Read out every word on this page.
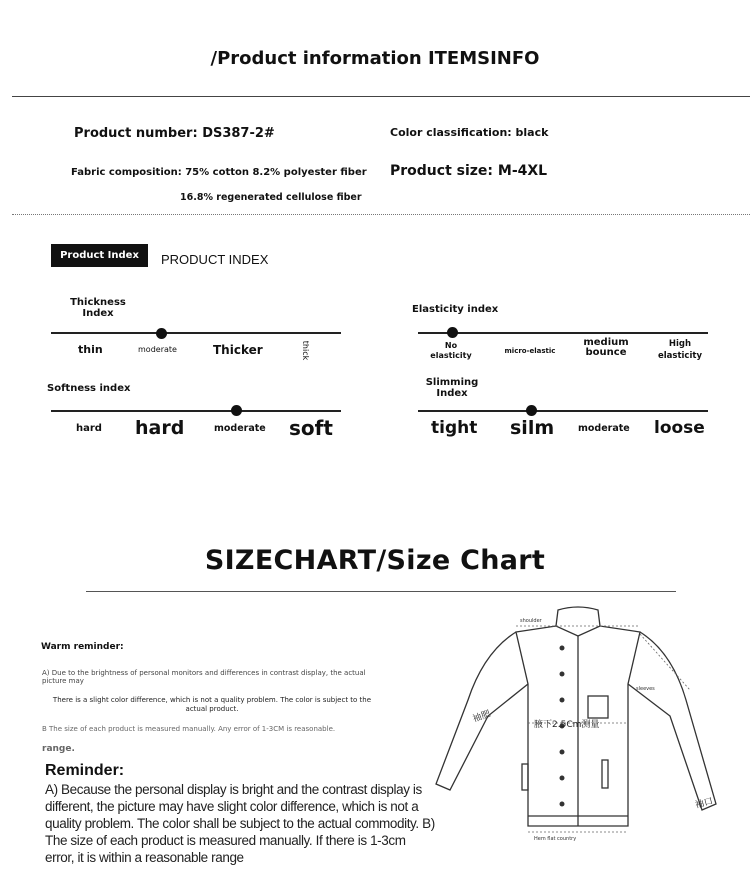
/Product information ITEMSINFO
Product number: DS387-2#	Color classification: black
Fabric composition: 75% cotton 8.2% polyester fiber
16.8% regenerated cellulose fiber
Product size: M-4XL
Product Index	PRODUCT INDEX
Thickness
Index
thin	moderate	Thicker	thick
Elasticity index
No
elasticity	micro-elastic
medium
bounce
High
elasticity
Softness index
hard hard	moderate soft
Slimming
Index
tight silm	moderate loose
SIZECHART/Size Chart
Warm reminder:
A) Due to the brightness of personal monitors and differences in contrast display, the actual picture may
There is a slight color difference, which is not a quality problem. The color is subject to the actual product.
B The size of each product is measured manually. Any error of 1-3CM is reasonable.
range.
Reminder:
A) Because the personal display is bright and the contrast display is different, the picture may have slight color difference, which is not a quality problem. The color shall be subject to the actual commodity. B) The size of each product is measured manually. If there is 1-3cm error, it is within a reasonable range
shoulder
sleeves
腋下2.5Cm测量
袖肥
袖口
Hem flat country
